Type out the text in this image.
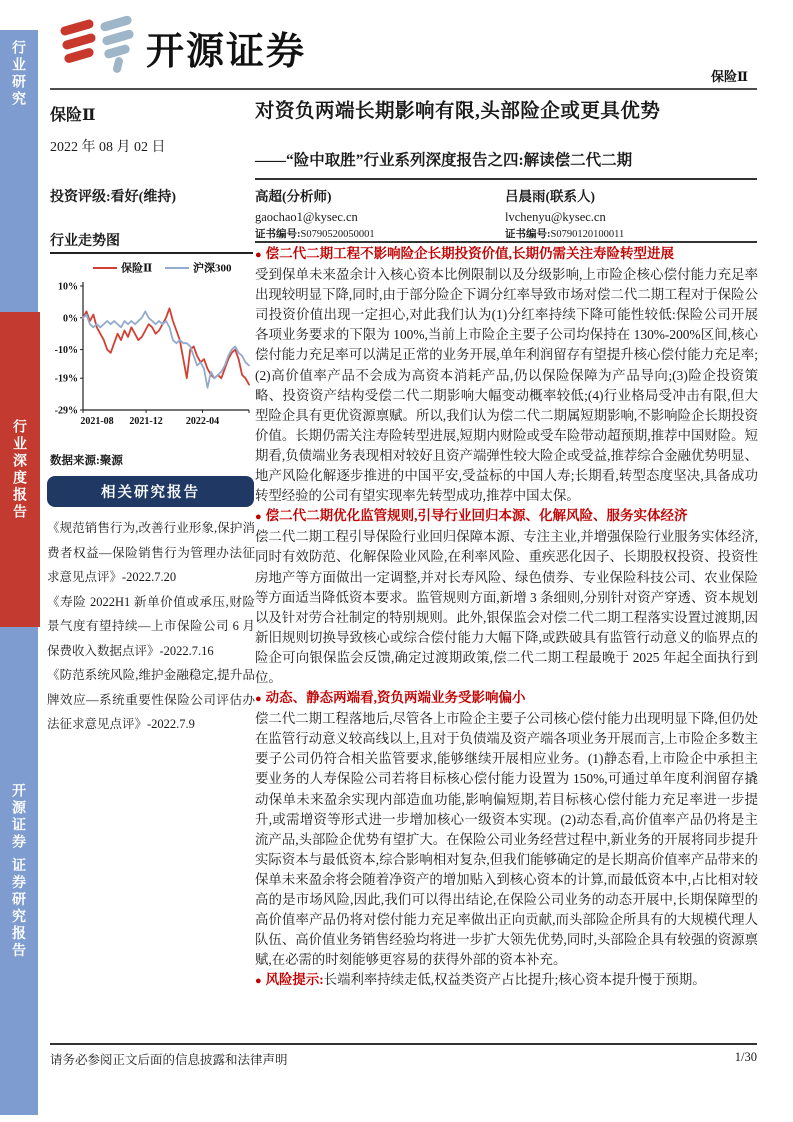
行业研究
行业深度报告
开源证券 证券研究报告
开源证券
保险Ⅱ
保险Ⅱ
2022 年 08 月 02 日
投资评级:看好(维持)
行业走势图
10%
0%
-10%
-19%
-29%
2021-08 2021-12 2022-04
保险Ⅱ	沪深300
数据来源:聚源
相关研究报告
《规范销售行为,改善行业形象,保护消费者权益—保险销售行为管理办法征求意见点评》-2022.7.20
《寿险 2022H1 新单价值或承压,财险景气度有望持续—上市保险公司 6 月保费收入数据点评》-2022.7.16
《防范系统风险,维护金融稳定,提升品牌效应—系统重要性保险公司评估办法征求意见点评》-2022.7.9
对资负两端长期影响有限,头部险企或更具优势
——“险中取胜”行业系列深度报告之四:解读偿二代二期
高超(分析师)
gaochao1@kysec.cn
证书编号:S0790520050001
吕晨雨(联系人)
lvchenyu@kysec.cn
证书编号:S0790120100011
● 偿二代二期工程不影响险企长期投资价值,长期仍需关注寿险转型进展
受到保单未来盈余计入核心资本比例限制以及分级影响,上市险企核心偿付能力充足率出现较明显下降,同时,由于部分险企下调分红率导致市场对偿二代二期工程对于保险公司投资价值出现一定担心,对此我们认为(1)分红率持续下降可能性较低:保险公司开展各项业务要求的下限为 100%,当前上市险企主要子公司均保持在 130%-200%区间,核心偿付能力充足率可以满足正常的业务开展,单年利润留存有望提升核心偿付能力充足率;(2)高价值率产品不会成为高资本消耗产品,仍以保险保障为产品导向;(3)险企投资策略、投资资产结构受偿二代二期影响大幅变动概率较低;(4)行业格局受冲击有限,但大型险企具有更优资源禀赋。所以,我们认为偿二代二期属短期影响,不影响险企长期投资价值。长期仍需关注寿险转型进展,短期内财险或受车险带动超预期,推荐中国财险。短期看,负债端业务表现相对较好且资产端弹性较大险企或受益,推荐综合金融优势明显、地产风险化解逐步推进的中国平安,受益标的中国人寿;长期看,转型态度坚决,具备成功转型经验的公司有望实现率先转型成功,推荐中国太保。
● 偿二代二期优化监管规则,引导行业回归本源、化解风险、服务实体经济
偿二代二期工程引导保险行业回归保障本源、专注主业,并增强保险行业服务实体经济,同时有效防范、化解保险业风险,在利率风险、重疾恶化因子、长期股权投资、投资性房地产等方面做出一定调整,并对长寿风险、绿色债券、专业保险科技公司、农业保险等方面适当降低资本要求。监管规则方面,新增 3 条细则,分别针对资产穿透、资本规划以及针对劳合社制定的特别规则。此外,银保监会对偿二代二期工程落实设置过渡期,因新旧规则切换导致核心或综合偿付能力大幅下降,或跌破具有监管行动意义的临界点的险企可向银保监会反馈,确定过渡期政策,偿二代二期工程最晚于 2025 年起全面执行到位。
● 动态、静态两端看,资负两端业务受影响偏小
偿二代二期工程落地后,尽管各上市险企主要子公司核心偿付能力出现明显下降,但仍处在监管行动意义较高线以上,且对于负债端及资产端各项业务开展而言,上市险企多数主要子公司仍符合相关监管要求,能够继续开展相应业务。(1)静态看,上市险企中承担主要业务的人寿保险公司若将目标核心偿付能力设置为 150%,可通过单年度利润留存撬动保单未来盈余实现内部造血功能,影响偏短期,若目标核心偿付能力充足率进一步提升,或需增资等形式进一步增加核心一级资本实现。(2)动态看,高价值率产品仍将是主流产品,头部险企优势有望扩大。在保险公司业务经营过程中,新业务的开展将同步提升实际资本与最低资本,综合影响相对复杂,但我们能够确定的是长期高价值率产品带来的保单未来盈余将会随着净资产的增加贴入到核心资本的计算,而最低资本中,占比相对较高的是市场风险,因此,我们可以得出结论,在保险公司业务的动态开展中,长期保障型的高价值率产品仍将对偿付能力充足率做出正向贡献,而头部险企所具有的大规模代理人队伍、高价值业务销售经验均将进一步扩大领先优势,同时,头部险企具有较强的资源禀赋,在必需的时刻能够更容易的获得外部的资本补充。
● 风险提示:长端利率持续走低,权益类资产占比提升;核心资本提升慢于预期。
请务必参阅正文后面的信息披露和法律声明	1/30
